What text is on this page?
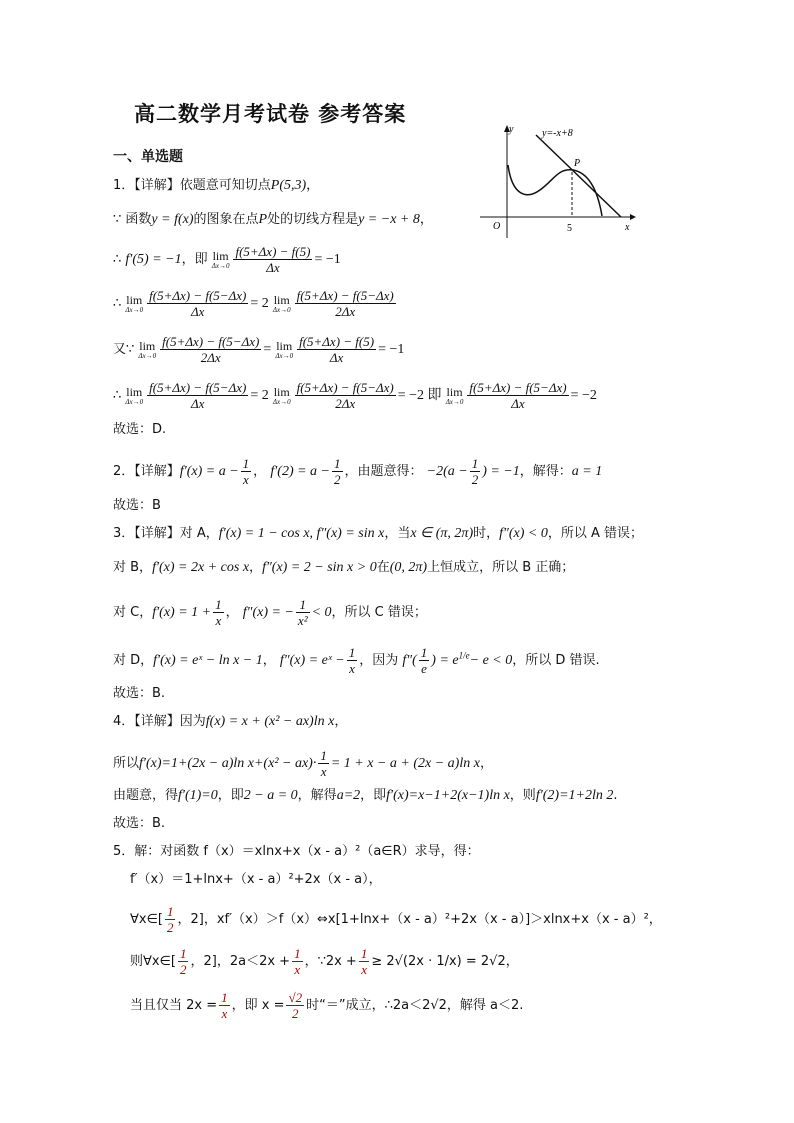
高二数学月考试卷 参考答案
一、单选题
y
x
O	5
P
y=-x+8
1．【详解】依题意可知切点P(5,3)，
∵ 函数y = f(x)的图象在点P处的切线方程是y = −x + 8，
∴ f′(5) = −1，即 lim
$\Delta x\to 0 \frac{f(5+\Delta x) - f(5)}{\Delta x} = -1$
∴ lim
$\Delta x\to 0 \frac{f(5+\Delta x) - f(5-\Delta x)}{\Delta x} = 2$ lim
$\Delta x\to 0 \frac{f(5+\Delta x) - f(5-\Delta x)}{2\Delta x}$
又∵ lim
$\Delta x\to 0 \frac{f(5+\Delta x) - f(5-\Delta x)}{2\Delta x} = \lim$
$\Delta x\to 0 \frac{f(5+\Delta x) - f(5)}{\Delta x} = -1$
∴ lim
$\Delta x\to 0 \frac{f(5+\Delta x) - f(5-\Delta x)}{\Delta x} = 2$ lim
$\Delta x\to 0 \frac{f(5+\Delta x) - f(5-\Delta x)}{2\Delta x} = -2$ 即 lim
$\Delta x\to 0 \frac{f(5+\Delta x) - f(5-\Delta x)}{\Delta x} = -2$
故选：D.
2．【详解】$f'(x) = a - \frac{1}{x}$ ， $f'(2) = a - \frac{1}{2}$ ，由题意得： $-2(a - \frac{1}{2}$ ) = −1，解得：a = 1
故选：B
3．【详解】对 A，f′(x) = 1 − cos x, f″(x) = sin x，当x ∈ (π, 2π)时，f″(x) < 0，所以 A 错误；
对 B，f′(x) = 2x + cos x，f″(x) = 2 − sin x > 0在(0, 2π)上恒成立，所以 B 正确；
对 C，$f'(x) = 1 + \frac{1}{x}$ ， f″(x) = − $\frac{1}{\text{x²}} < 0$，所以 C 错误；
对 D，f′(x) = eˣ − ln x − 1， f″(x) = eˣ − $\frac{1}{x}$ ，因为 $f''( \frac{1}{e}$ ) = $e^{1/e}- e < 0$，所以 D 错误.
故选：B.
4．【详解】因为f(x) = x + (x² − ax)ln x，
所以f′(x)=1+(2x − a)ln $x+(x^2 - ax)\cdot \frac{1}{x} = 1 + x - a + (2x - a)\ln$ x，
由题意，得f′(1)=0，即2 − a = 0，解得a=2，即f′(x)=x−1+2(x−1)ln x，则f′(2)=1+2ln 2.
故选：B.
5．解：对函数 f（x）＝xlnx+x（x - a）²（a∈R）求导，得：
f′（x）＝1+lnx+（x - a）²+2x（x - a），
∀x∈[ $\frac{1}{2}$ ，2]，xf′（x）＞f（x）⇔x[1+lnx+（x - a）²+2x（x - a）]＞xlnx+x（x - a）²，
则∀x∈[ $\frac{1}{2}$ ，2]，$2a<2x + \frac{1}{x}$ ，∵2x + $\frac{1}{x} \ge 2√(2x \cdot 1/x) = 2√2$，
当且仅当 $2x = \frac{1}{x}$ ，即 $x = \frac{√2}{2}$ 时“＝”成立，∴2a＜2√2，解得 a＜2.
